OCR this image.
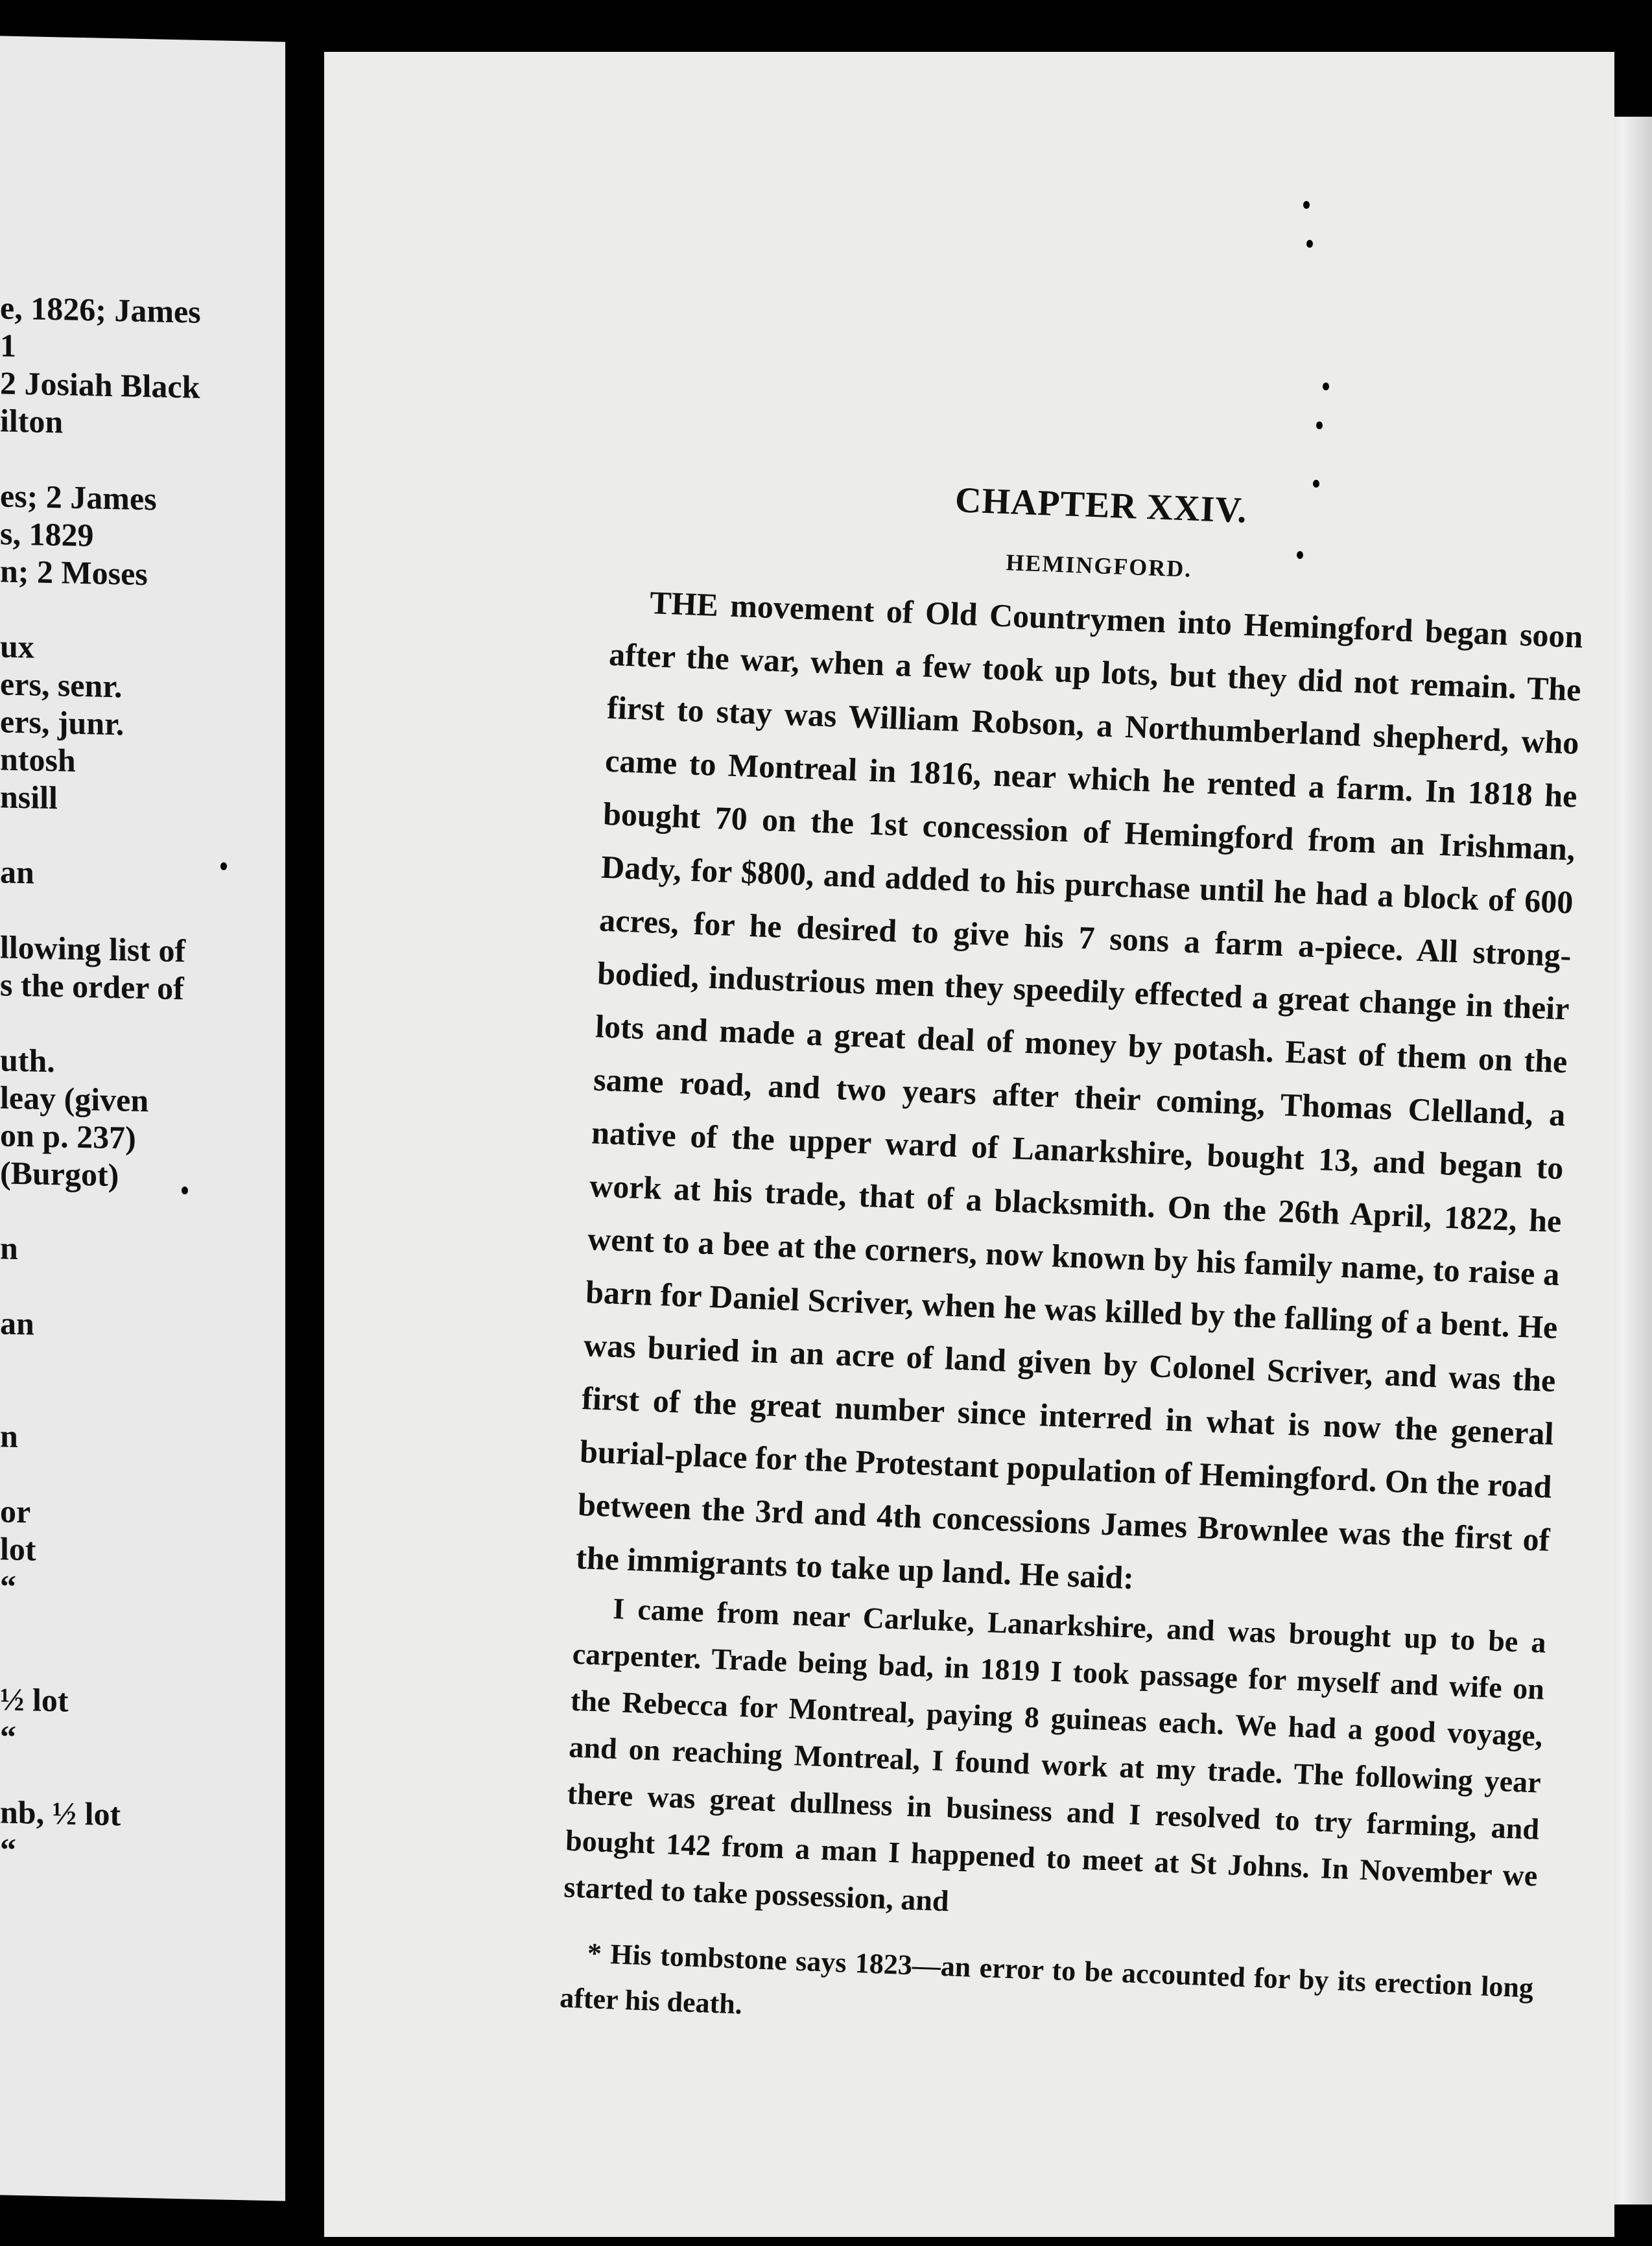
e, 1826; James
1
2 Josiah Black
ilton
es; 2 James
s, 1829
n; 2 Moses
ux
ers, senr.
ers, junr.
ntosh
nsill
an
llowing list of
s the order of
uth.
leay (given
on p. 237)
(Burgot)
n
an
n
or
lot
“
½ lot
“
nb, ½ lot
“
CHAPTER XXIV.
HEMINGFORD.

THE movement of Old Countrymen into Hemingford began soon after the war, when a few took up lots, but they did not remain. The first to stay was William Robson, a Northumberland shepherd, who came to Montreal in 1816, near which he rented a farm. In 1818 he bought 70 on the 1st concession of Hemingford from an Irishman, Dady, for $800, and added to his purchase until he had a block of 600 acres, for he desired to give his 7 sons a farm a-piece. All strong-bodied, industrious men they speedily effected a great change in their lots and made a great deal of money by potash. East of them on the same road, and two years after their coming, Thomas Clelland, a native of the upper ward of Lanarkshire, bought 13, and began to work at his trade, that of a blacksmith. On the 26th April, 1822, he went to a bee at the corners, now known by his family name, to raise a barn for Daniel Scriver, when he was killed by the falling of a bent. He was buried in an acre of land given by Colonel Scriver, and was the first of the great number since interred in what is now the general burial-place for the Protestant population of Hemingford. On the road between the 3rd and 4th concessions James Brownlee was the first of the immigrants to take up land. He said:

I came from near Carluke, Lanarkshire, and was brought up to be a carpenter. Trade being bad, in 1819 I took passage for myself and wife on the Rebecca for Montreal, paying 8 guineas each. We had a good voyage, and on reaching Montreal, I found work at my trade. The following year there was great dullness in business and I resolved to try farming, and bought 142 from a man I happened to meet at St Johns. In November we started to take possession, and

* His tombstone says 1823—an error to be accounted for by its erection long after his death.
